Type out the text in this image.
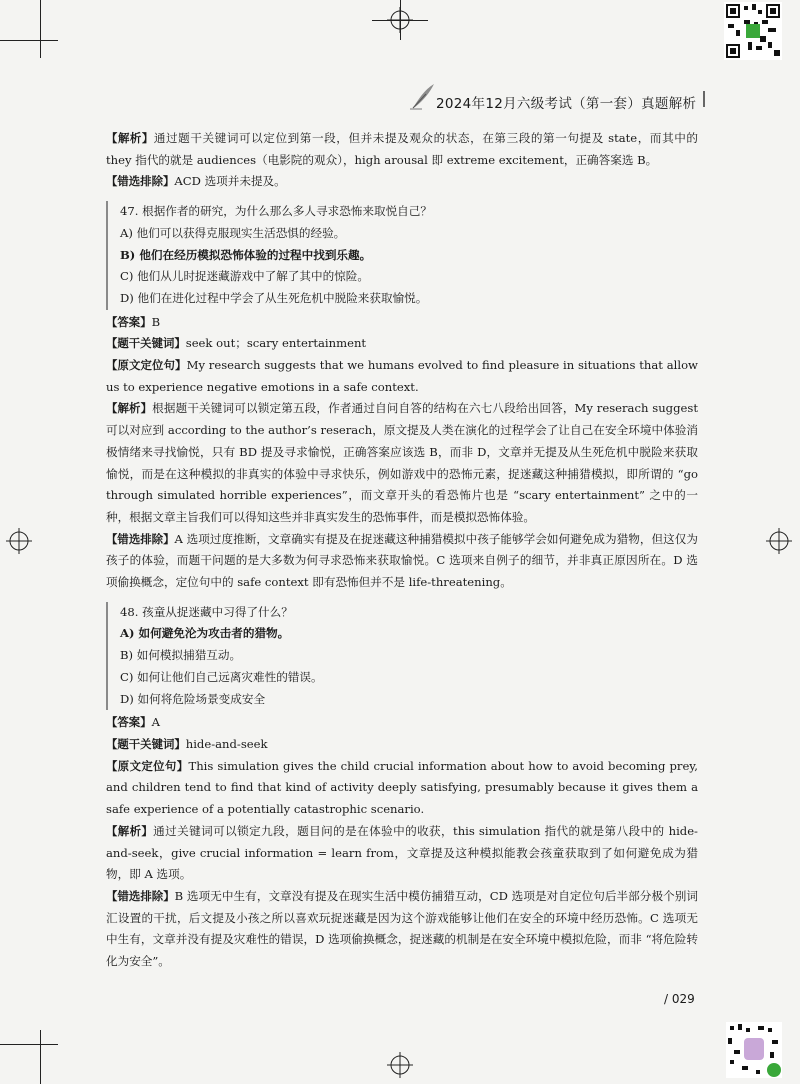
2024年12月六级考试（第一套）真题解析

【解析】通过题干关键词可以定位到第一段，但并未提及观众的状态，在第三段的第一句提及 state，而其中的 they 指代的就是 audiences（电影院的观众），high arousal 即 extreme excitement，正确答案选 B。

【错选排除】ACD 选项并未提及。

47. 根据作者的研究，为什么那么多人寻求恐怖来取悦自己？

A) 他们可以获得克服现实生活恐惧的经验。

B) 他们在经历模拟恐怖体验的过程中找到乐趣。

C) 他们从儿时捉迷藏游戏中了解了其中的惊险。

D) 他们在进化过程中学会了从生死危机中脱险来获取愉悦。

【答案】B

【题干关键词】seek out；scary entertainment

【原文定位句】My research suggests that we humans evolved to find pleasure in situations that allow us to experience negative emotions in a safe context.

【解析】根据题干关键词可以锁定第五段，作者通过自问自答的结构在六七八段给出回答，My reserach suggest 可以对应到 according to the author’s reserach，原文提及人类在演化的过程学会了让自己在安全环境中体验消极情绪来寻找愉悦，只有 BD 提及寻求愉悦，正确答案应该选 B，而非 D，文章并无提及从生死危机中脱险来获取愉悦，而是在这种模拟的非真实的体验中寻求快乐，例如游戏中的恐怖元素，捉迷藏这种捕猎模拟，即所谓的 “go through simulated horrible experiences”，而文章开头的看恐怖片也是 “scary entertainment” 之中的一种，根据文章主旨我们可以得知这些并非真实发生的恐怖事件，而是模拟恐怖体验。

【错选排除】A 选项过度推断，文章确实有提及在捉迷藏这种捕猎模拟中孩子能够学会如何避免成为猎物，但这仅为孩子的体验，而题干问题的是大多数为何寻求恐怖来获取愉悦。C 选项来自例子的细节，并非真正原因所在。D 选项偷换概念，定位句中的 safe context 即有恐怖但并不是 life-threatening。

48. 孩童从捉迷藏中习得了什么？

A) 如何避免沦为攻击者的猎物。

B) 如何模拟捕猎互动。

C) 如何让他们自己远离灾难性的错误。

D) 如何将危险场景变成安全

【答案】A

【题干关键词】hide-and-seek

【原文定位句】This simulation gives the child crucial information about how to avoid becoming prey, and children tend to find that kind of activity deeply satisfying, presumably because it gives them a safe experience of a potentially catastrophic scenario.

【解析】通过关键词可以锁定九段，题目问的是在体验中的收获，this simulation 指代的就是第八段中的 hide-and-seek，give crucial information = learn from，文章提及这种模拟能教会孩童获取到了如何避免成为猎物，即 A 选项。

【错选排除】B 选项无中生有，文章没有提及在现实生活中模仿捕猎互动，CD 选项是对自定位句后半部分极个别词汇设置的干扰，后文提及小孩之所以喜欢玩捉迷藏是因为这个游戏能够让他们在安全的环境中经历恐怖。C 选项无中生有，文章并没有提及灾难性的错误，D 选项偷换概念，捉迷藏的机制是在安全环境中模拟危险，而非 “将危险转化为安全”。

/ 029
